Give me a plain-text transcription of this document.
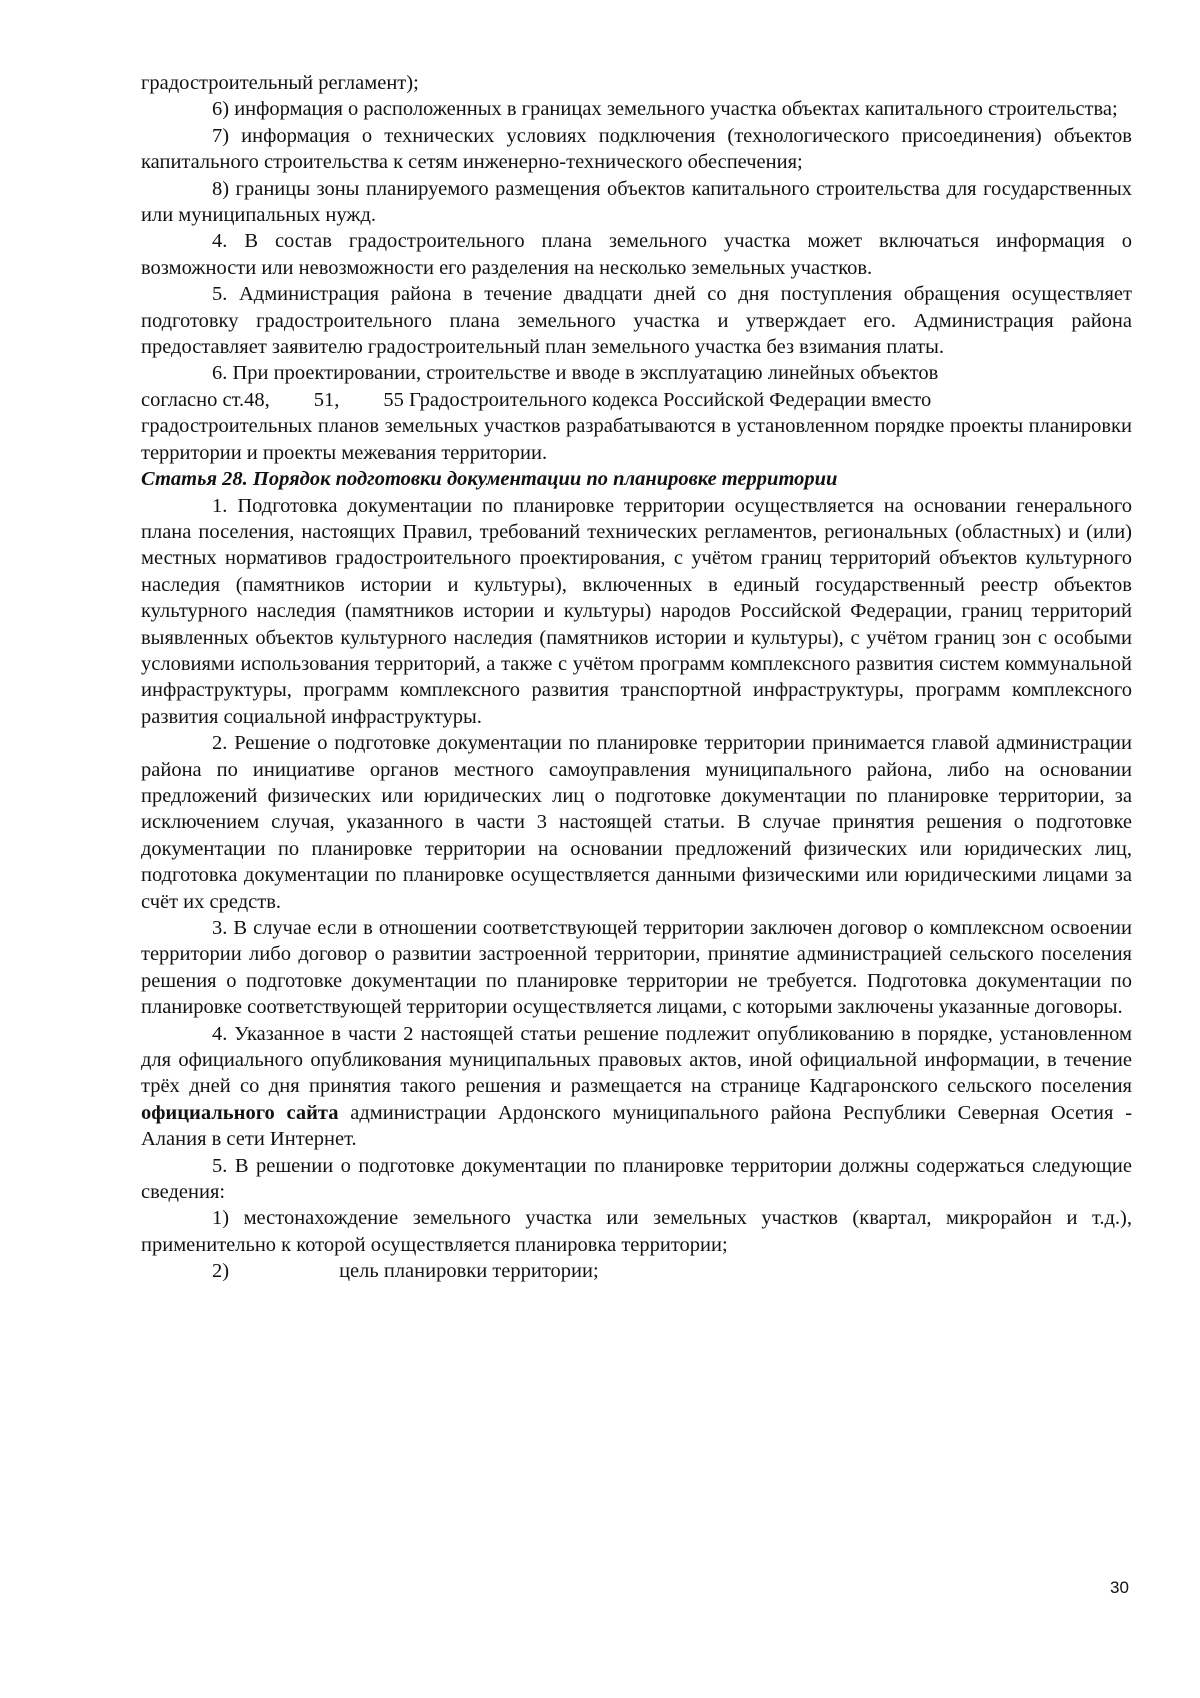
градостроительный регламент);

6) информация о расположенных в границах земельного участка объектах капитального строительства;

7) информация о технических условиях подключения (технологического присоединения) объектов капитального строительства к сетям инженерно-технического обеспечения;

8) границы зоны планируемого размещения объектов капитального строительства для государственных или муниципальных нужд.

4. В состав градостроительного плана земельного участка может включаться информация о возможности или невозможности его разделения на несколько земельных участков.

5. Администрация района в течение двадцати дней со дня поступления обращения осуществляет подготовку градостроительного плана земельного участка и утверждает его. Администрация района предоставляет заявителю градостроительный план земельного участка без взимания платы.

6. При проектировании, строительстве и вводе в эксплуатацию линейных объектов

согласно ст.48, 51, 55 Градостроительного кодекса Российской Федерации вместо

градостроительных планов земельных участков разрабатываются в установленном порядке проекты планировки территории и проекты межевания территории.

Статья 28. Порядок подготовки документации по планировке территории

1. Подготовка документации по планировке территории осуществляется на основании генерального плана поселения, настоящих Правил, требований технических регламентов, региональных (областных) и (или) местных нормативов градостроительного проектирования, с учётом границ территорий объектов культурного наследия (памятников истории и культуры), включенных в единый государственный реестр объектов культурного наследия (памятников истории и культуры) народов Российской Федерации, границ территорий выявленных объектов культурного наследия (памятников истории и культуры), с учётом границ зон с особыми условиями использования территорий, а также с учётом программ комплексного развития систем коммунальной инфраструктуры, программ комплексного развития транспортной инфраструктуры, программ комплексного развития социальной инфраструктуры.

2. Решение о подготовке документации по планировке территории принимается главой администрации района по инициативе органов местного самоуправления муниципального района, либо на основании предложений физических или юридических лиц о подготовке документации по планировке территории, за исключением случая, указанного в части 3 настоящей статьи. В случае принятия решения о подготовке документации по планировке территории на основании предложений физических или юридических лиц, подготовка документации по планировке осуществляется данными физическими или юридическими лицами за счёт их средств.

3. В случае если в отношении соответствующей территории заключен договор о комплексном освоении территории либо договор о развитии застроенной территории, принятие администрацией сельского поселения решения о подготовке документации по планировке территории не требуется. Подготовка документации по планировке соответствующей территории осуществляется лицами, с которыми заключены указанные договоры.

4. Указанное в части 2 настоящей статьи решение подлежит опубликованию в порядке, установленном для официального опубликования муниципальных правовых актов, иной официальной информации, в течение трёх дней со дня принятия такого решения и размещается на странице Кадгаронского сельского поселения официального сайта администрации Ардонского муниципального района Республики Северная Осетия - Алания в сети Интернет.

5. В решении о подготовке документации по планировке территории должны содержаться следующие сведения:

1) местонахождение земельного участка или земельных участков (квартал, микрорайон и т.д.), применительно к которой осуществляется планировка территории;

2)	цель планировки территории;

30
